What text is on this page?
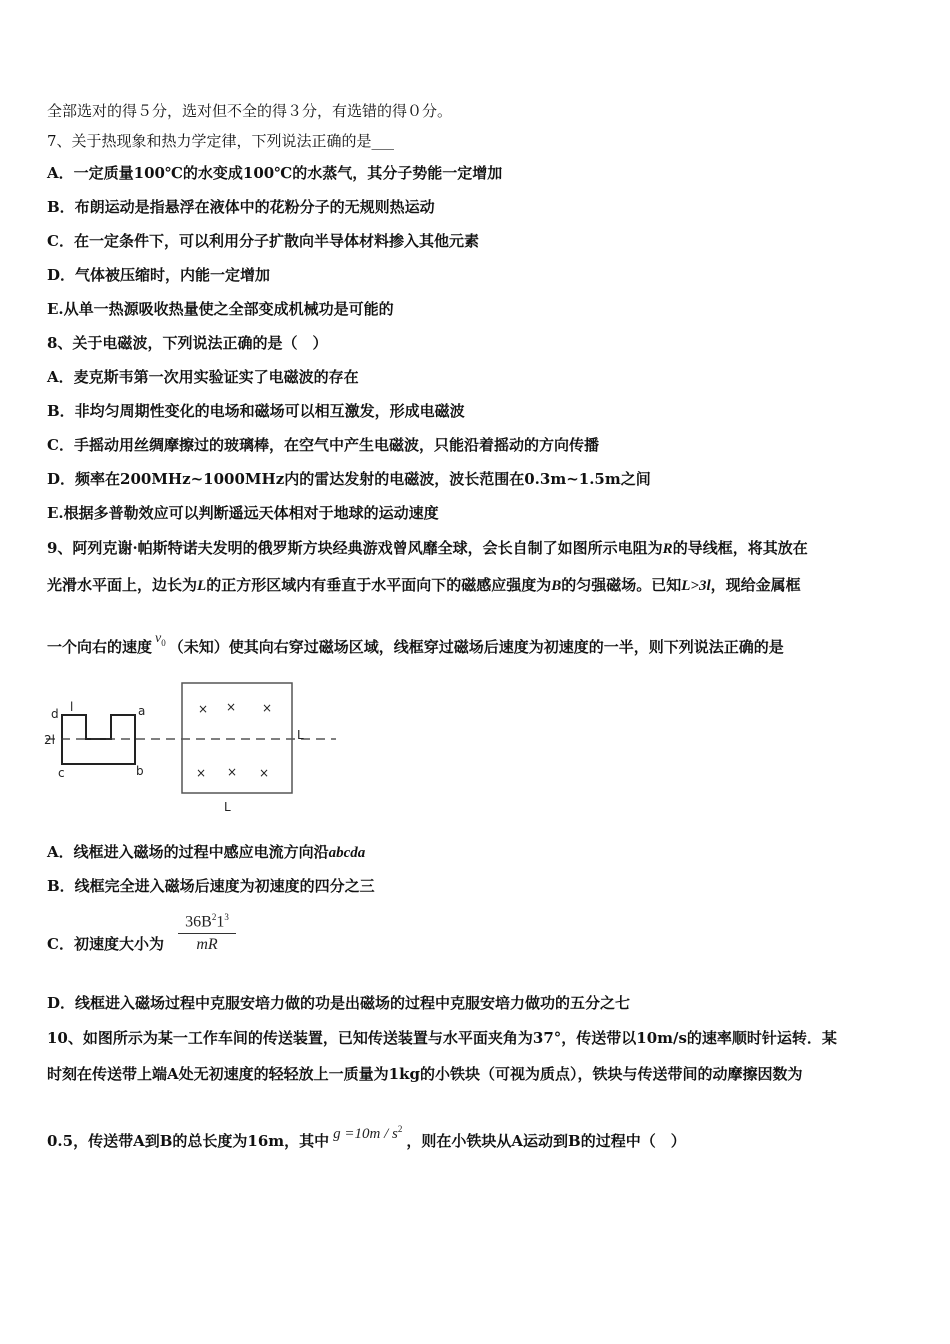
全部选对的得５分，选对但不全的得３分，有选错的得０分。
7、关于热现象和热力学定律，下列说法正确的是___
A．一定质量100℃的水变成100℃的水蒸气，其分子势能一定增加
B．布朗运动是指悬浮在液体中的花粉分子的无规则热运动
C．在一定条件下，可以利用分子扩散向半导体材料掺入其他元素
D．气体被压缩时，内能一定增加
E.从单一热源吸收热量使之全部变成机械功是可能的
8、关于电磁波，下列说法正确的是（　）
A．麦克斯韦第一次用实验证实了电磁波的存在
B．非均匀周期性变化的电场和磁场可以相互激发，形成电磁波
C．手摇动用丝绸摩擦过的玻璃棒，在空气中产生电磁波，只能沿着摇动的方向传播
D．频率在200MHz~1000MHz内的雷达发射的电磁波，波长范围在0.3m~1.5m之间
E.根据多普勒效应可以判断遥远天体相对于地球的运动速度
9、阿列克谢·帕斯特诺夫发明的俄罗斯方块经典游戏曾风靡全球，会长自制了如图所示电阻为R的导线框，将其放在
光滑水平面上，边长为L的正方形区域内有垂直于水平面向下的磁感应强度为B的匀强磁场。已知L>3l，现给金属框
一个向右的速度 $v_0$ （未知）使其向右穿过磁场区域，线框穿过磁场后速度为初速度的一半，则下列说法正确的是
× × ×
× × ×
d l	a
2l
c	b
L
L
A．线框进入磁场的过程中感应电流方向沿abcda
B．线框完全进入磁场后速度为初速度的四分之三
C．初速度大小为 $\frac{36B^21^3}{mR}$
D．线框进入磁场过程中克服安培力做的功是出磁场的过程中克服安培力做功的五分之七
10、如图所示为某一工作车间的传送装置，已知传送装置与水平面夹角为37°，传送带以10m/s的速率顺时针运转．某
时刻在传送带上端A处无初速度的轻轻放上一质量为1kg的小铁块（可视为质点），铁块与传送带间的动摩擦因数为
0.5，传送带A到B的总长度为16m，其中 $g =10m / s^2$，则在小铁块从A运动到B的过程中（　）
